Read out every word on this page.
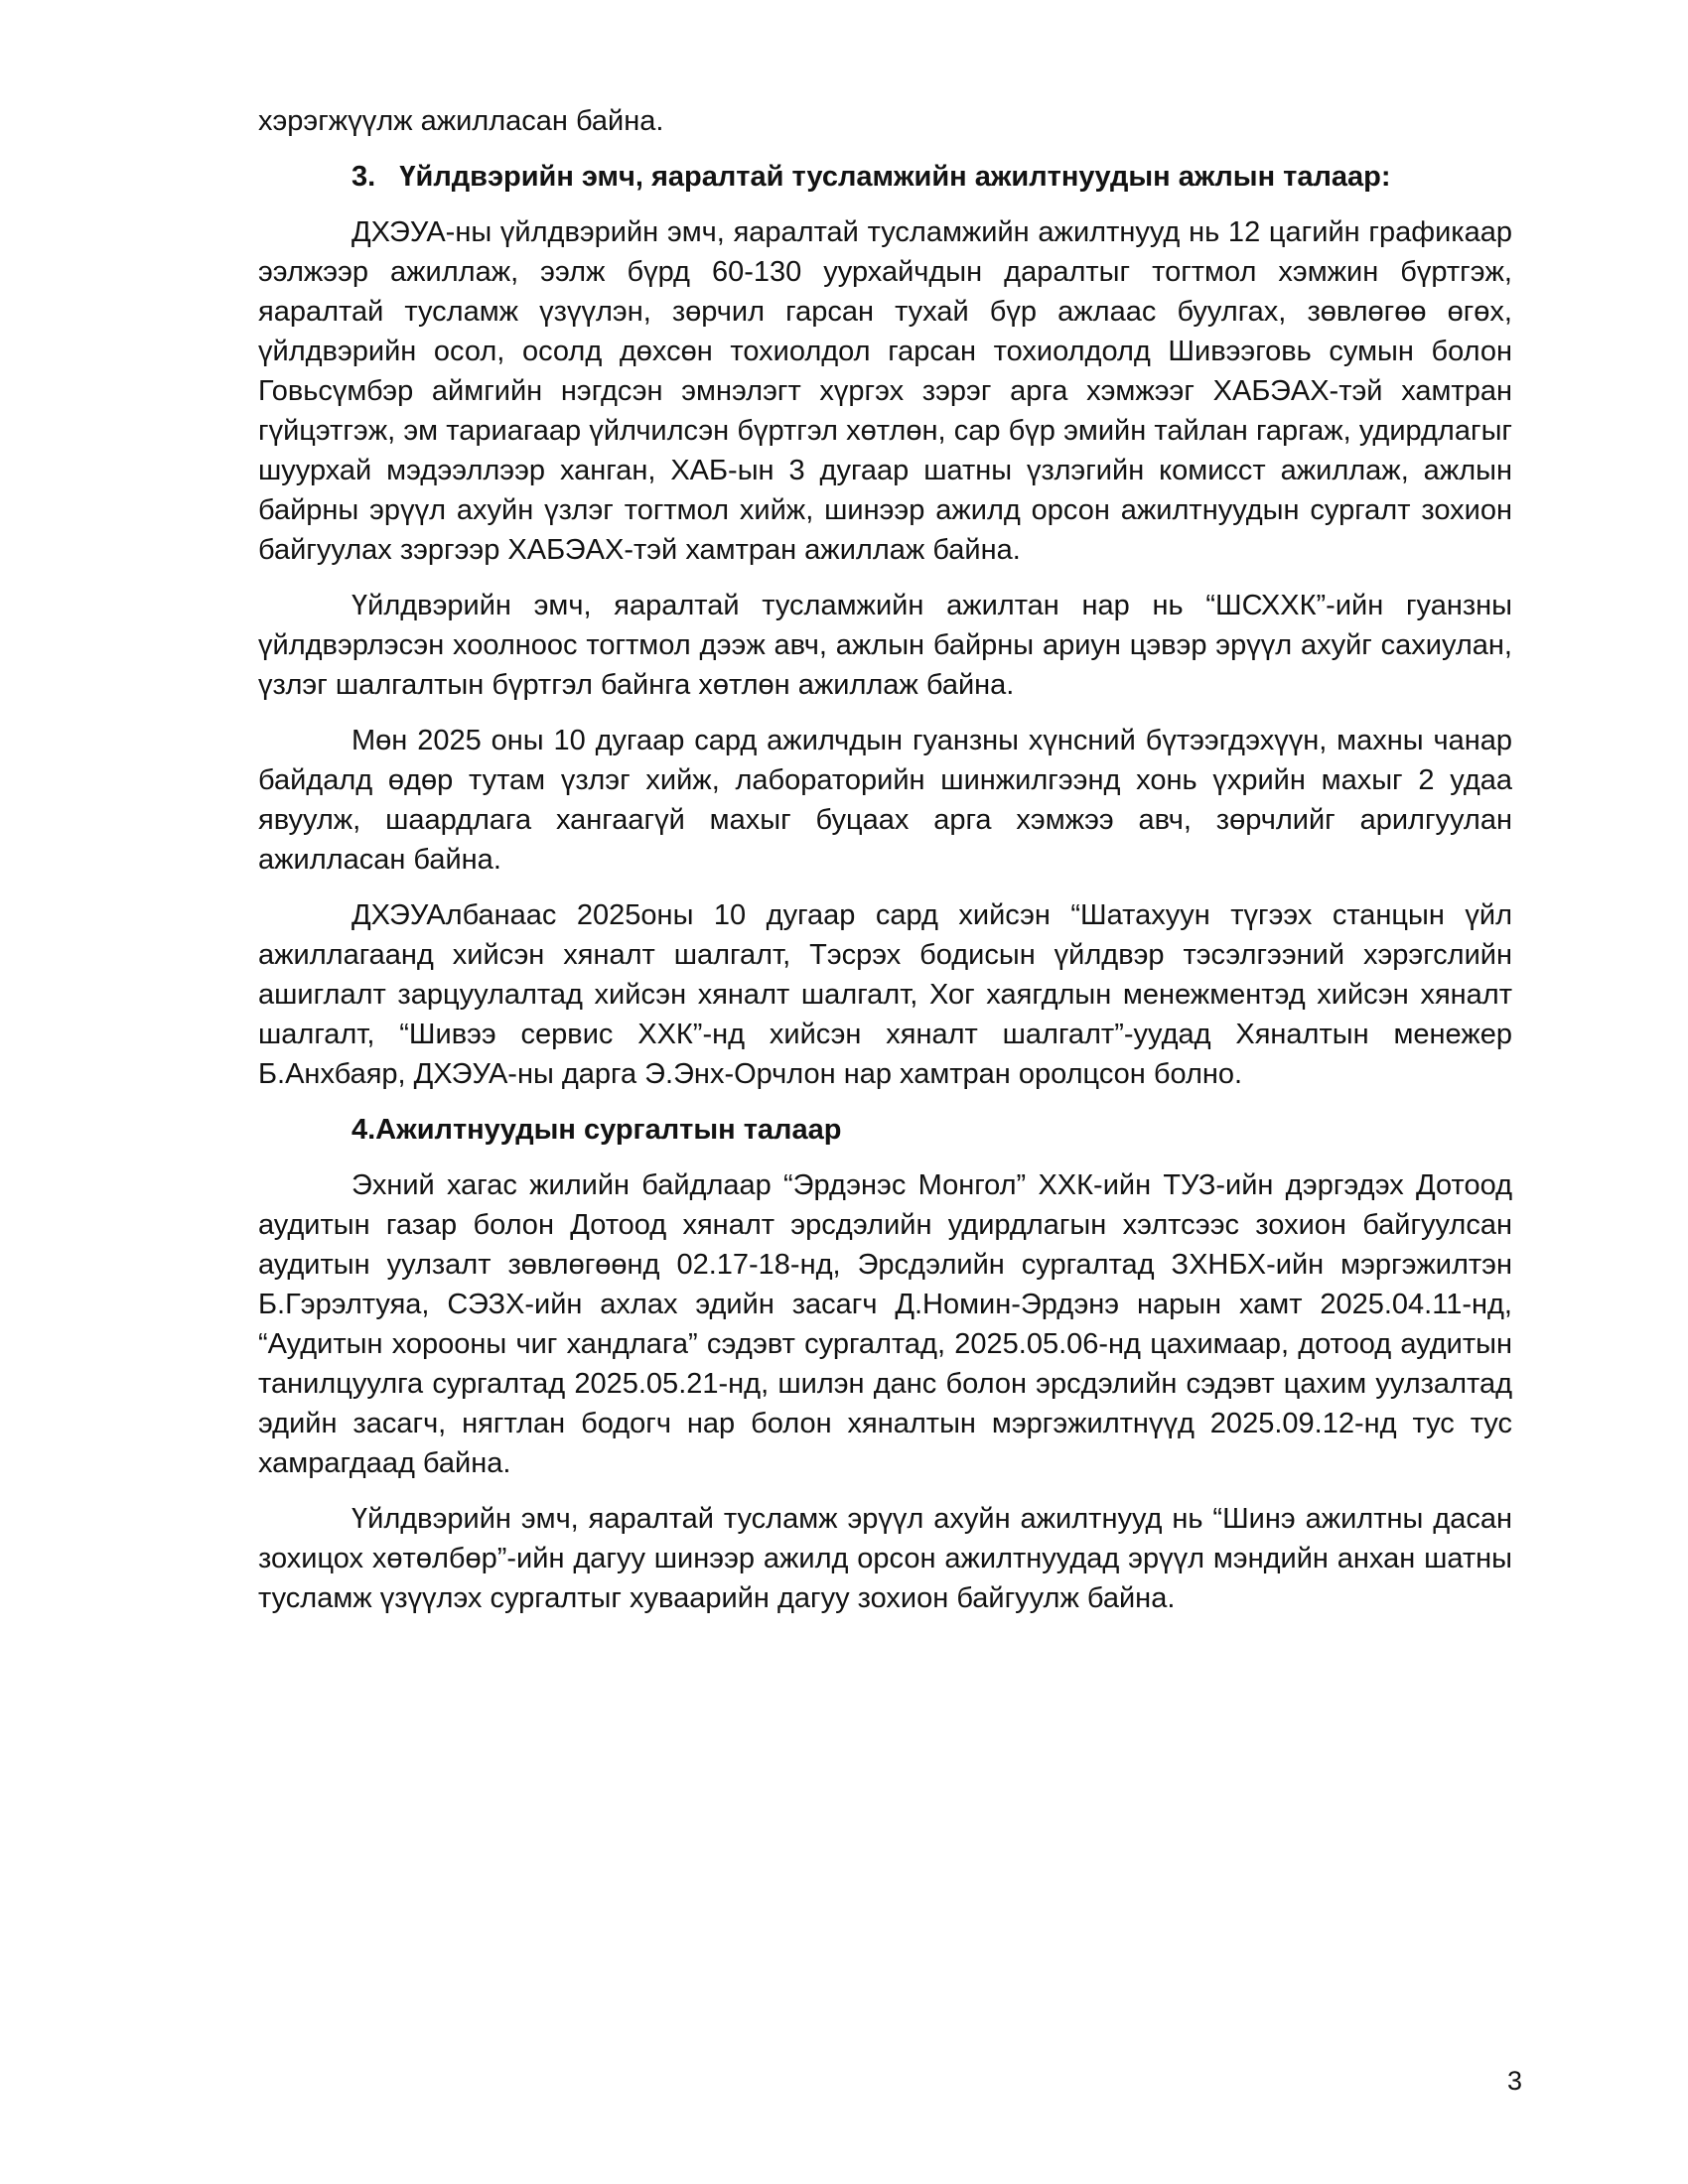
хэрэгжүүлж ажилласан байна.

3.   Үйлдвэрийн эмч, яаралтай тусламжийн ажилтнуудын ажлын талаар:

ДХЭУА-ны үйлдвэрийн эмч, яаралтай тусламжийн ажилтнууд нь 12 цагийн графикаар ээлжээр ажиллаж, ээлж бүрд 60-130 уурхайчдын даралтыг тогтмол хэмжин бүртгэж, яаралтай тусламж үзүүлэн, зөрчил гарсан тухай бүр ажлаас буулгах, зөвлөгөө өгөх, үйлдвэрийн осол, осолд дөхсөн тохиолдол гарсан тохиолдолд Шивээговь сумын болон Говьсүмбэр аймгийн нэгдсэн эмнэлэгт хүргэх зэрэг арга хэмжээг ХАБЭАХ-тэй хамтран гүйцэтгэж, эм тариагаар үйлчилсэн бүртгэл хөтлөн, сар бүр эмийн тайлан гаргаж, удирдлагыг шуурхай мэдээллээр ханган, ХАБ-ын 3 дугаар шатны үзлэгийн комисст ажиллаж, ажлын байрны эрүүл ахуйн үзлэг тогтмол хийж, шинээр ажилд орсон ажилтнуудын сургалт зохион байгуулах зэргээр ХАБЭАХ-тэй хамтран ажиллаж байна.

Үйлдвэрийн эмч, яаралтай тусламжийн ажилтан нар нь “ШСХХК”-ийн гуанзны үйлдвэрлэсэн хоолноос тогтмол дээж авч, ажлын байрны ариун цэвэр эрүүл ахуйг сахиулан, үзлэг шалгалтын бүртгэл байнга хөтлөн ажиллаж байна.

Мөн 2025 оны 10 дугаар сард ажилчдын гуанзны хүнсний бүтээгдэхүүн, махны чанар байдалд өдөр тутам үзлэг хийж, лабораторийн шинжилгээнд хонь үхрийн махыг 2 удаа явуулж, шаардлага хангаагүй махыг буцаах арга хэмжээ авч, зөрчлийг арилгуулан ажилласан байна.

ДХЭУАлбанаас 2025оны 10 дугаар сард хийсэн “Шатахуун түгээх станцын үйл ажиллагаанд хийсэн хяналт шалгалт, Тэсрэх бодисын үйлдвэр тэсэлгээний хэрэгслийн ашиглалт зарцуулалтад хийсэн хяналт шалгалт, Хог хаягдлын менежментэд хийсэн хяналт шалгалт, “Шивээ сервис ХХК”-нд хийсэн хяналт шалгалт”-уудад Хяналтын менежер Б.Анхбаяр, ДХЭУА-ны дарга Э.Энх-Орчлон нар хамтран оролцсон болно.

4.Ажилтнуудын сургалтын талаар

Эхний хагас жилийн байдлаар “Эрдэнэс Монгол” ХХК-ийн ТУЗ-ийн дэргэдэх Дотоод аудитын газар болон Дотоод хяналт эрсдэлийн удирдлагын хэлтсээс зохион байгуулсан аудитын уулзалт зөвлөгөөнд 02.17-18-нд, Эрсдэлийн сургалтад ЗХНБХ-ийн мэргэжилтэн Б.Гэрэлтуяа, СЭЗХ-ийн ахлах эдийн засагч Д.Номин-Эрдэнэ нарын хамт 2025.04.11-нд, “Аудитын хорооны чиг хандлага” сэдэвт сургалтад, 2025.05.06-нд цахимаар, дотоод аудитын танилцуулга сургалтад 2025.05.21-нд, шилэн данс болон эрсдэлийн сэдэвт цахим уулзалтад эдийн засагч, нягтлан бодогч нар болон хяналтын мэргэжилтнүүд 2025.09.12-нд тус тус хамрагдаад байна.

Үйлдвэрийн эмч, яаралтай тусламж эрүүл ахуйн ажилтнууд нь “Шинэ ажилтны дасан зохицох хөтөлбөр”-ийн дагуу шинээр ажилд орсон ажилтнуудад эрүүл мэндийн анхан шатны тусламж үзүүлэх сургалтыг хуваарийн дагуу зохион байгуулж байна.

3
